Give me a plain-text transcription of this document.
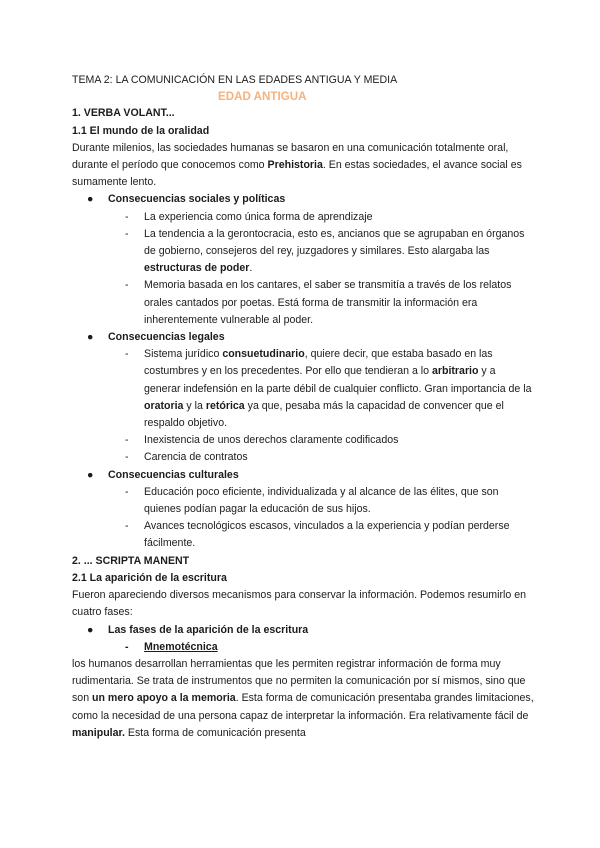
TEMA 2: LA COMUNICACIÓN EN LAS EDADES ANTIGUA Y MEDIA

EDAD ANTIGUA

1. VERBA VOLANT...

1.1 El mundo de la oralidad

Durante milenios, las sociedades humanas se basaron en una comunicación totalmente oral, durante el período que conocemos como Prehistoria. En estas sociedades, el avance social es sumamente lento.

● Consecuencias sociales y políticas

- La experiencia como única forma de aprendizaje

- La tendencia a la gerontocracia, esto es, ancianos que se agrupaban en órganos de gobierno, consejeros del rey, juzgadores y similares. Esto alargaba las estructuras de poder.

- Memoria basada en los cantares, el saber se transmitía a través de los relatos orales cantados por poetas. Está forma de transmitir la información era inherentemente vulnerable al poder.

● Consecuencias legales

- Sistema jurídico consuetudinario, quiere decir, que estaba basado en las costumbres y en los precedentes. Por ello que tendieran a lo arbitrario y a generar indefensión en la parte débil de cualquier conflicto. Gran importancia de la oratoria y la retórica ya que, pesaba más la capacidad de convencer que el respaldo objetivo.

- Inexistencia de unos derechos claramente codificados

- Carencia de contratos

● Consecuencias culturales

- Educación poco eficiente, individualizada y al alcance de las élites, que son quienes podían pagar la educación de sus hijos.

- Avances tecnológicos escasos, vinculados a la experiencia y podían perderse fácilmente.

2. ... SCRIPTA MANENT

2.1 La aparición de la escritura

Fueron apareciendo diversos mecanismos para conservar la información. Podemos resumirlo en cuatro fases:

● Las fases de la aparición de la escritura

- Mnemotécnica

los humanos desarrollan herramientas que les permiten registrar información de forma muy rudimentaria. Se trata de instrumentos que no permiten la comunicación por sí mismos, sino que son un mero apoyo a la memoria. Esta forma de comunicación presentaba grandes limitaciones, como la necesidad de una persona capaz de interpretar la información. Era relativamente fácil de manipular. Esta forma de comunicación presenta
